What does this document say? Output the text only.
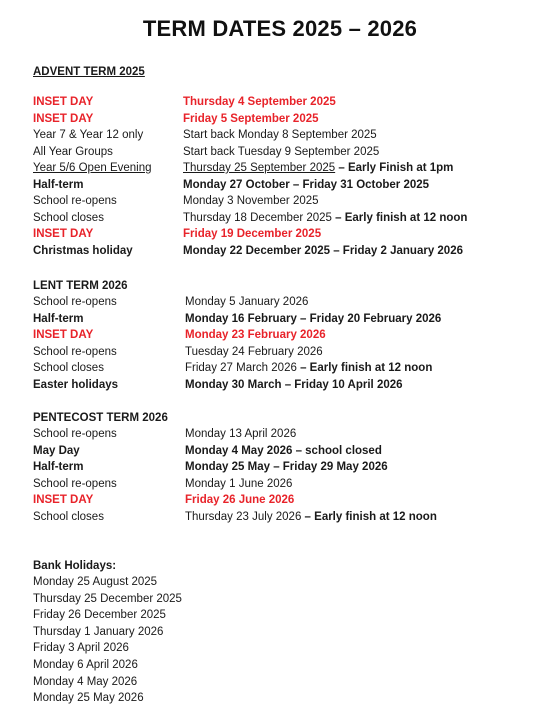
TERM DATES 2025 – 2026
ADVENT TERM 2025
INSET DAY	Thursday 4 September 2025
INSET DAY	Friday 5 September 2025
Year 7 & Year 12 only	Start back Monday 8 September 2025
All Year Groups	Start back Tuesday 9 September 2025
Year 5/6 Open Evening	Thursday 25 September 2025 – Early Finish at 1pm
Half-term	Monday 27 October – Friday 31 October 2025
School re-opens	Monday 3 November 2025
School closes	Thursday 18 December 2025 – Early finish at 12 noon
INSET DAY	Friday 19 December 2025
Christmas holiday	Monday 22 December 2025 – Friday 2 January 2026
LENT TERM 2026
School re-opens	Monday 5 January 2026
Half-term	Monday 16 February – Friday 20 February 2026
INSET DAY	Monday 23 February 2026
School re-opens	Tuesday 24 February 2026
School closes	Friday 27 March 2026 – Early finish at 12 noon
Easter holidays	Monday 30 March – Friday 10 April 2026
PENTECOST TERM 2026
School re-opens	Monday 13 April 2026
May Day	Monday 4 May 2026 – school closed
Half-term	Monday 25 May – Friday 29 May 2026
School re-opens	Monday 1 June 2026
INSET DAY	Friday 26 June 2026
School closes	Thursday 23 July 2026 – Early finish at 12 noon
Bank Holidays:
Monday 25 August 2025
Thursday 25 December 2025
Friday 26 December 2025
Thursday 1 January 2026
Friday 3 April 2026
Monday 6 April 2026
Monday 4 May 2026
Monday 25 May 2026
